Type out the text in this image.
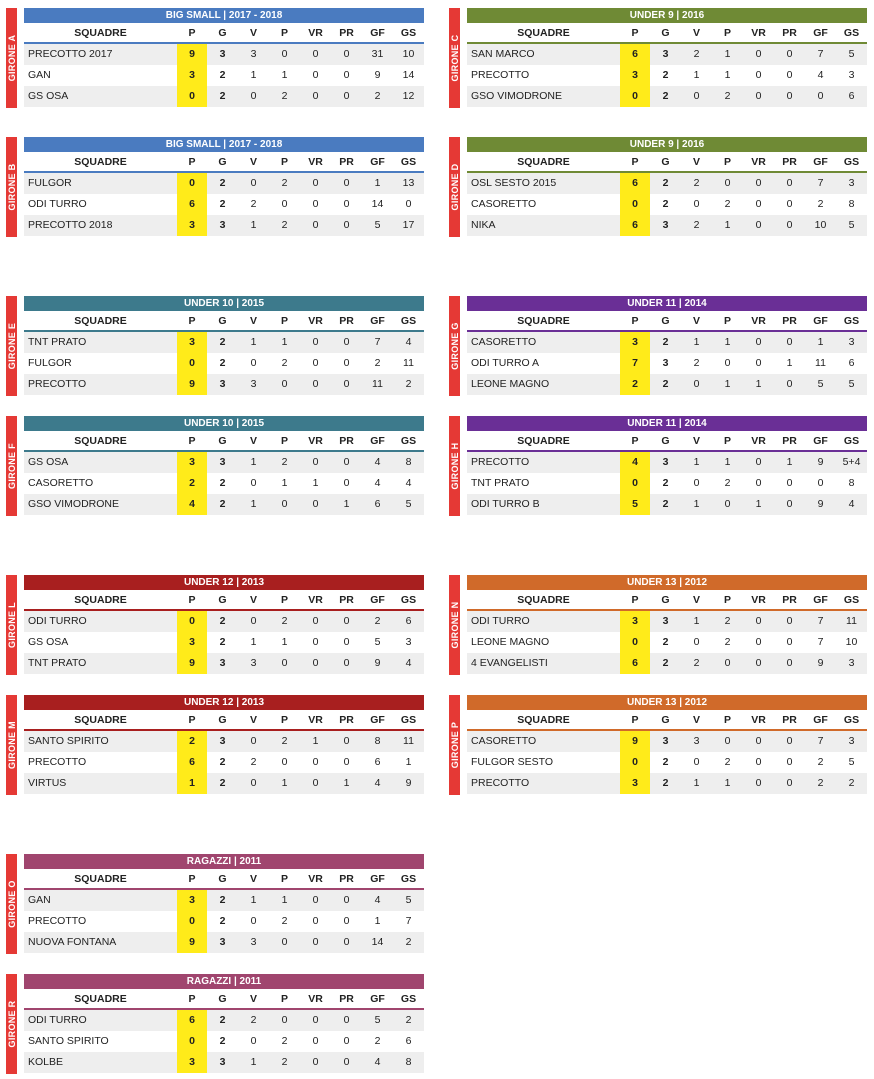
GIRONE A
BIG SMALL | 2017 - 2018
SQUADRE	P	G	V	P	VR	PR	GF	GS
PRECOTTO 2017	9	3	3	0	0	0	31	10
GAN	3	2	1	1	0	0	9	14
GS OSA	0	2	0	2	0	0	2	12
GIRONE C
UNDER 9 | 2016
SQUADRE	P	G	V	P	VR	PR	GF	GS
SAN MARCO	6	3	2	1	0	0	7	5
PRECOTTO	3	2	1	1	0	0	4	3
GSO VIMODRONE	0	2	0	2	0	0	0	6
GIRONE B
BIG SMALL | 2017 - 2018
SQUADRE	P	G	V	P	VR	PR	GF	GS
FULGOR	0	2	0	2	0	0	1	13
ODI TURRO	6	2	2	0	0	0	14	0
PRECOTTO 2018	3	3	1	2	0	0	5	17
GIRONE D
UNDER 9 | 2016
SQUADRE	P	G	V	P	VR	PR	GF	GS
OSL SESTO 2015	6	2	2	0	0	0	7	3
CASORETTO	0	2	0	2	0	0	2	8
NIKA	6	3	2	1	0	0	10	5
GIRONE E
UNDER 10 | 2015
SQUADRE	P	G	V	P	VR	PR	GF	GS
TNT PRATO	3	2	1	1	0	0	7	4
FULGOR	0	2	0	2	0	0	2	11
PRECOTTO	9	3	3	0	0	0	11	2
GIRONE G
UNDER 11 | 2014
SQUADRE	P	G	V	P	VR	PR	GF	GS
CASORETTO	3	2	1	1	0	0	1	3
ODI TURRO A	7	3	2	0	0	1	11	6
LEONE MAGNO	2	2	0	1	1	0	5	5
GIRONE F
UNDER 10 | 2015
SQUADRE	P	G	V	P	VR	PR	GF	GS
GS OSA	3	3	1	2	0	0	4	8
CASORETTO	2	2	0	1	1	0	4	4
GSO VIMODRONE	4	2	1	0	0	1	6	5
GIRONE H
UNDER 11 | 2014
SQUADRE	P	G	V	P	VR	PR	GF	GS
PRECOTTO	4	3	1	1	0	1	9	5+4
TNT PRATO	0	2	0	2	0	0	0	8
ODI TURRO B	5	2	1	0	1	0	9	4
GIRONE L
UNDER 12 | 2013
SQUADRE	P	G	V	P	VR	PR	GF	GS
ODI TURRO	0	2	0	2	0	0	2	6
GS OSA	3	2	1	1	0	0	5	3
TNT PRATO	9	3	3	0	0	0	9	4
GIRONE N
UNDER 13 | 2012
SQUADRE	P	G	V	P	VR	PR	GF	GS
ODI TURRO	3	3	1	2	0	0	7	11
LEONE MAGNO	0	2	0	2	0	0	7	10
4 EVANGELISTI	6	2	2	0	0	0	9	3
GIRONE M
UNDER 12 | 2013
SQUADRE	P	G	V	P	VR	PR	GF	GS
SANTO SPIRITO	2	3	0	2	1	0	8	11
PRECOTTO	6	2	2	0	0	0	6	1
VIRTUS	1	2	0	1	0	1	4	9
GIRONE P
UNDER 13 | 2012
SQUADRE	P	G	V	P	VR	PR	GF	GS
CASORETTO	9	3	3	0	0	0	7	3
FULGOR SESTO	0	2	0	2	0	0	2	5
PRECOTTO	3	2	1	1	0	0	2	2
GIRONE O
RAGAZZI | 2011
SQUADRE	P	G	V	P	VR	PR	GF	GS
GAN	3	2	1	1	0	0	4	5
PRECOTTO	0	2	0	2	0	0	1	7
NUOVA FONTANA	9	3	3	0	0	0	14	2
GIRONE R
RAGAZZI | 2011
SQUADRE	P	G	V	P	VR	PR	GF	GS
ODI TURRO	6	2	2	0	0	0	5	2
SANTO SPIRITO	0	2	0	2	0	0	2	6
KOLBE	3	3	1	2	0	0	4	8
